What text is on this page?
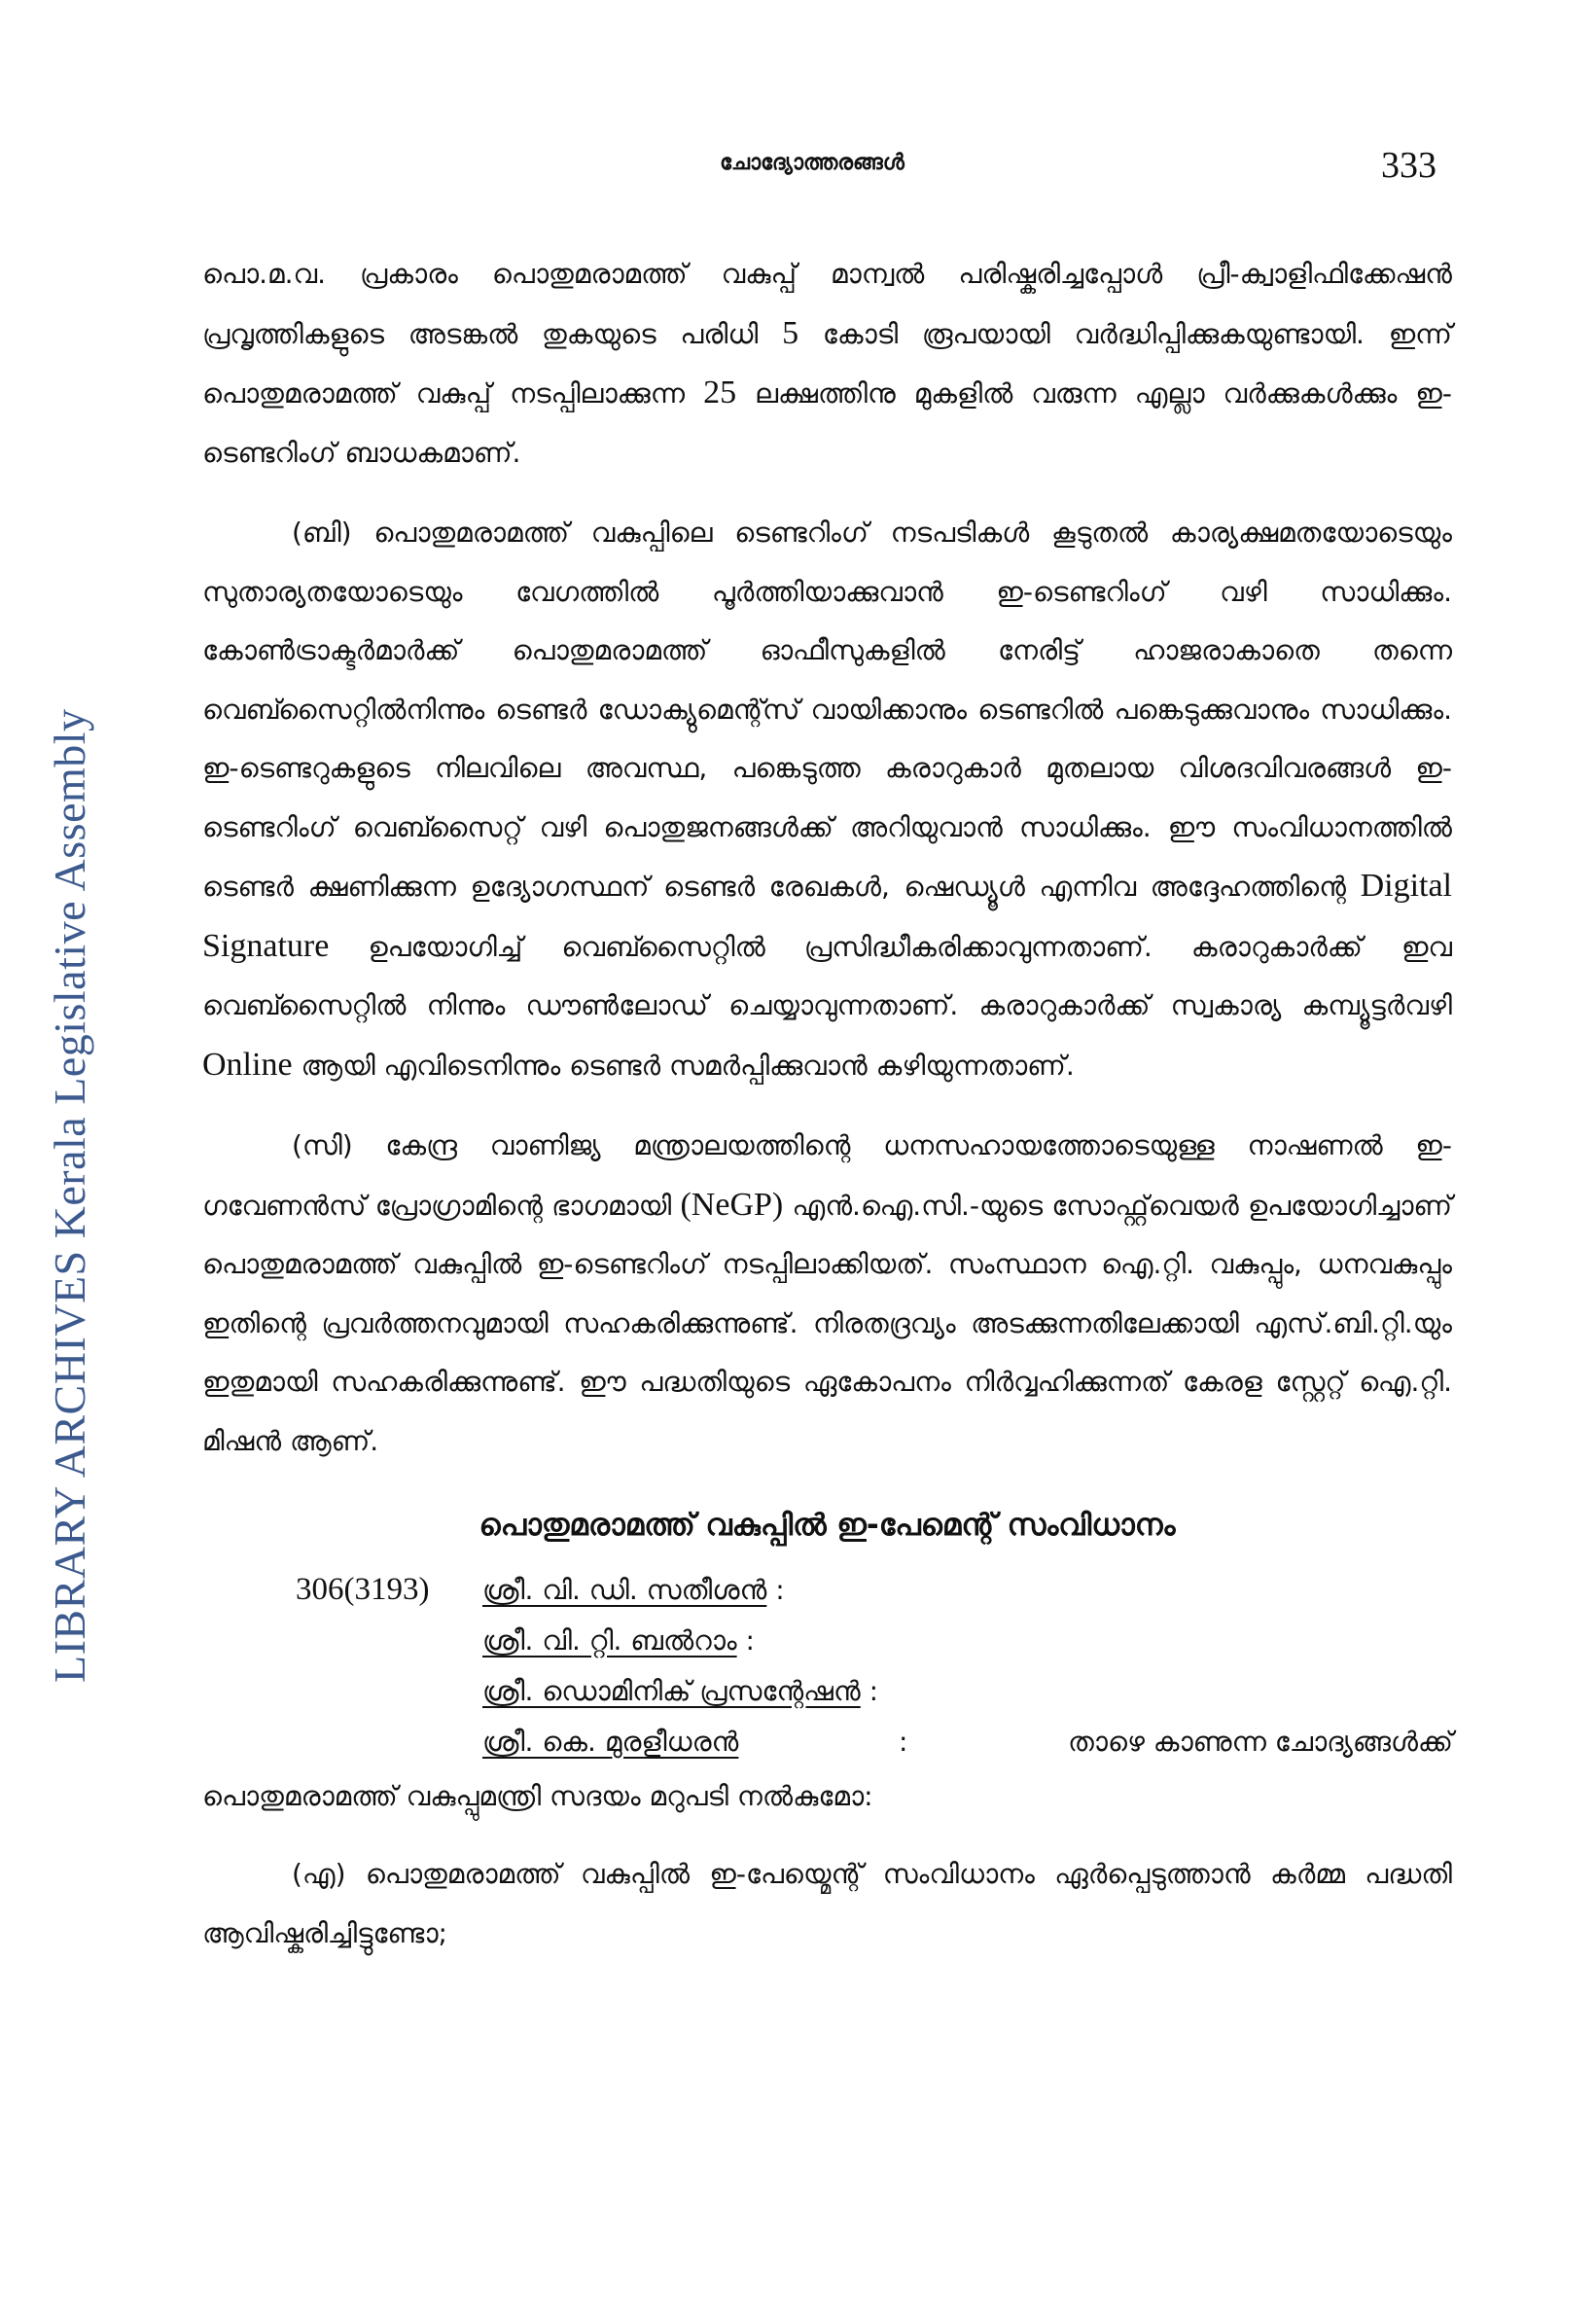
ചോദ്യോത്തരങ്ങൾ	333
LIBRARY ARCHIVES Kerala Legislative Assembly

പൊ.മ.വ. പ്രകാരം പൊതുമരാമത്ത് വകുപ്പ് മാന്വൽ പരിഷ്കരിച്ചപ്പോൾ പ്രീ-ക്വാളിഫിക്കേഷൻ പ്രവൃത്തികളുടെ അടങ്കൽ തുകയുടെ പരിധി 5 കോടി രൂപയായി വർദ്ധിപ്പിക്കുകയുണ്ടായി. ഇന്ന് പൊതുമരാമത്ത് വകുപ്പ് നടപ്പിലാക്കുന്ന 25 ലക്ഷത്തിനു മുകളിൽ വരുന്ന എല്ലാ വർക്കുകൾക്കും ഇ-ടെണ്ടറിംഗ് ബാധകമാണ്.

(ബി) പൊതുമരാമത്ത് വകുപ്പിലെ ടെണ്ടറിംഗ് നടപടികൾ കൂടുതൽ കാര്യക്ഷമതയോടെയും സുതാര്യതയോടെയും വേഗത്തിൽ പൂർത്തിയാക്കുവാൻ ഇ-ടെണ്ടറിംഗ് വഴി സാധിക്കും. കോൺട്രാക്ടർമാർക്ക് പൊതുമരാമത്ത് ഓഫീസുകളിൽ നേരിട്ട് ഹാജരാകാതെ തന്നെ വെബ്സൈറ്റിൽനിന്നും ടെണ്ടർ ഡോക്യുമെന്റ്സ് വായിക്കാനും ടെണ്ടറിൽ പങ്കെടുക്കുവാനും സാധിക്കും. ഇ-ടെണ്ടറുകളുടെ നിലവിലെ അവസ്ഥ, പങ്കെടുത്ത കരാറുകാർ മുതലായ വിശദവിവരങ്ങൾ ഇ-ടെണ്ടറിംഗ് വെബ്സൈറ്റ് വഴി പൊതുജനങ്ങൾക്ക് അറിയുവാൻ സാധിക്കും. ഈ സംവിധാനത്തിൽ ടെണ്ടർ ക്ഷണിക്കുന്ന ഉദ്യോഗസ്ഥന് ടെണ്ടർ രേഖകൾ, ഷെഡ്യൂൾ എന്നിവ അദ്ദേഹത്തിന്റെ Digital Signature ഉപയോഗിച്ച് വെബ്സൈറ്റിൽ പ്രസിദ്ധീകരിക്കാവുന്നതാണ്. കരാറുകാർക്ക് ഇവ വെബ്സൈറ്റിൽ നിന്നും ഡൗൺലോഡ് ചെയ്യാവുന്നതാണ്. കരാറുകാർക്ക് സ്വകാര്യ കമ്പ്യൂട്ടർവഴി Online ആയി എവിടെനിന്നും ടെണ്ടർ സമർപ്പിക്കുവാൻ കഴിയുന്നതാണ്.

(സി) കേന്ദ്ര വാണിജ്യ മന്ത്രാലയത്തിന്റെ ധനസഹായത്തോടെയുള്ള നാഷണൽ ഇ-ഗവേണൻസ് പ്രോഗ്രാമിന്റെ ഭാഗമായി (NeGP) എൻ.ഐ.സി.-യുടെ സോഫ്റ്റ്‌വെയർ ഉപയോഗിച്ചാണ് പൊതുമരാമത്ത് വകുപ്പിൽ ഇ-ടെണ്ടറിംഗ് നടപ്പിലാക്കിയത്. സംസ്ഥാന ഐ.റ്റി. വകുപ്പും, ധനവകുപ്പും ഇതിന്റെ പ്രവർത്തനവുമായി സഹകരിക്കുന്നുണ്ട്. നിരതദ്രവ്യം അടക്കുന്നതിലേക്കായി എസ്.ബി.റ്റി.യും ഇതുമായി സഹകരിക്കുന്നുണ്ട്. ഈ പദ്ധതിയുടെ ഏകോപനം നിർവ്വഹിക്കുന്നത് കേരള സ്റ്റേറ്റ് ഐ.റ്റി. മിഷൻ ആണ്.

പൊതുമരാമത്ത് വകുപ്പിൽ ഇ-പേമെന്റ് സംവിധാനം
306(3193) ശ്രീ. വി. ഡി. സതീശൻ :
ശ്രീ. വി. റ്റി. ബൽറാം :
ശ്രീ. ഡൊമിനിക് പ്രസന്റേഷൻ :
ശ്രീ. കെ. മുരളീധരൻ	:	താഴെ കാണുന്ന ചോദ്യങ്ങൾക്ക്
പൊതുമരാമത്ത് വകുപ്പുമന്ത്രി സദയം മറുപടി നൽകുമോ:
(എ) പൊതുമരാമത്ത് വകുപ്പിൽ ഇ-പേയ്മെന്റ് സംവിധാനം ഏർപ്പെടുത്താൻ കർമ്മ പദ്ധതി ആവിഷ്കരിച്ചിട്ടുണ്ടോ;
